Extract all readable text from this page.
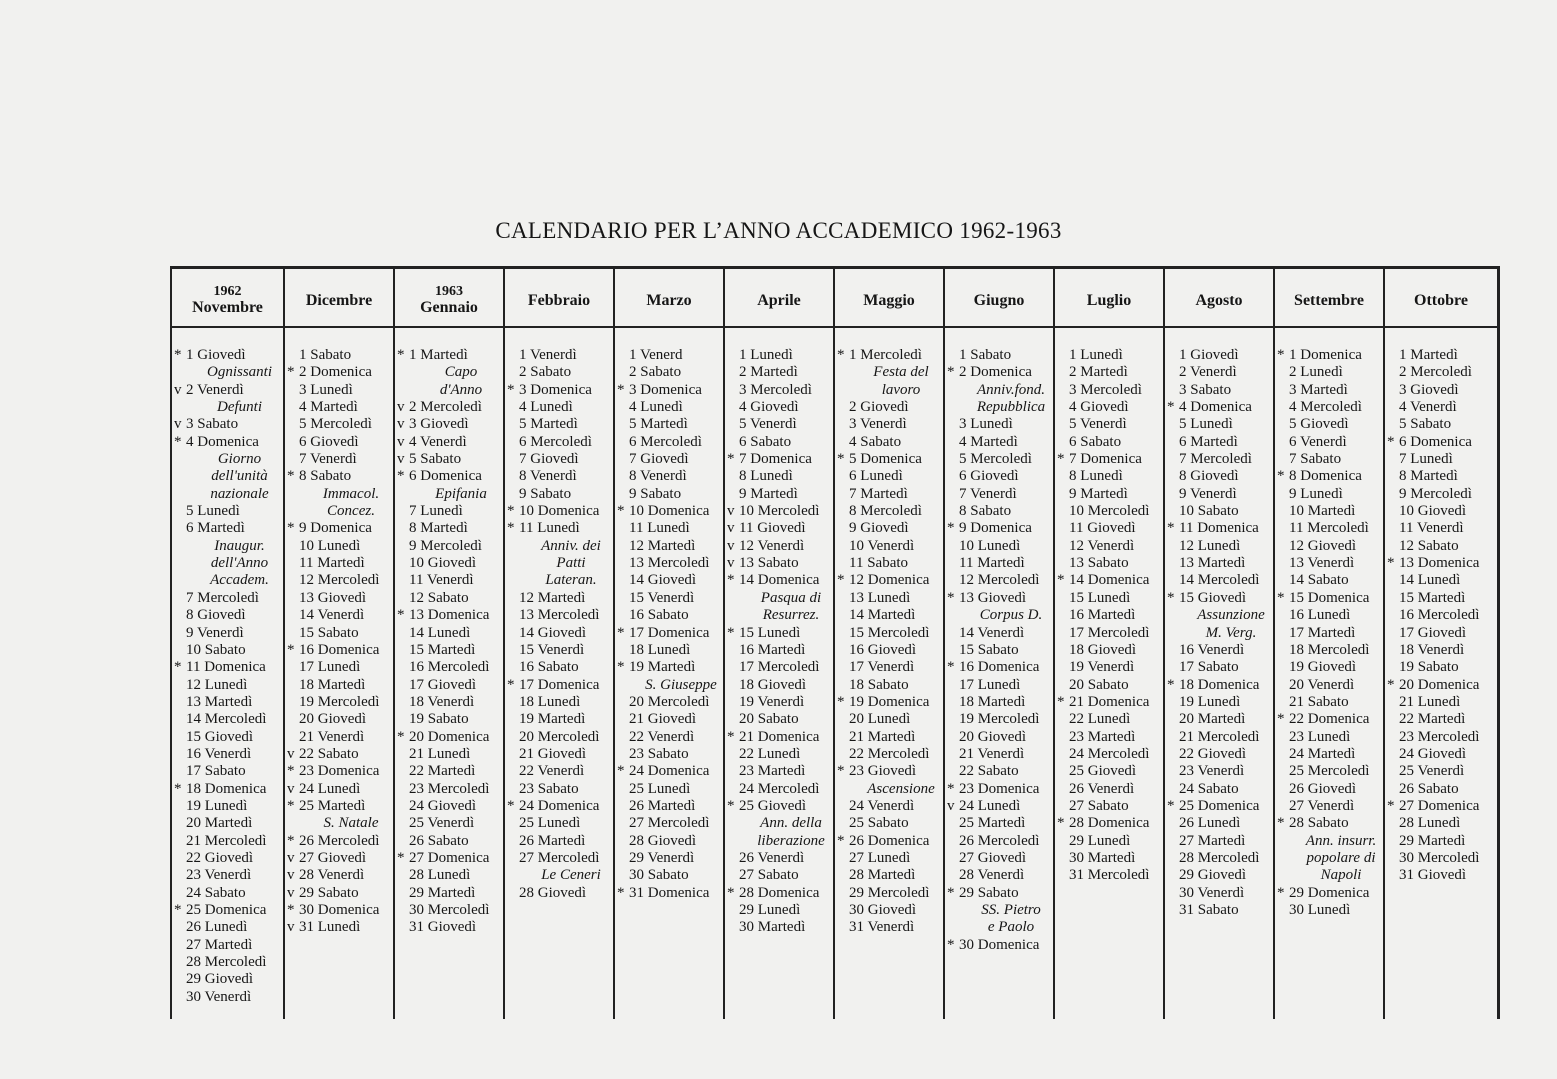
CALENDARIO PER L’ANNO ACCADEMICO 1962-1963
1962
Novembre
* 1 Giovedì
Ognissanti
v 2 Venerdì
Defunti
v 3 Sabato
* 4 Domenica
Giorno
dell'unità
nazionale
5 Lunedì
6 Martedì
Inaugur.
dell'Anno
Accadem.
7 Mercoledì
8 Giovedì
9 Venerdì
10 Sabato
* 11 Domenica
12 Lunedì
13 Martedì
14 Mercoledì
15 Giovedì
16 Venerdì
17 Sabato
* 18 Domenica
19 Lunedì
20 Martedì
21 Mercoledì
22 Giovedì
23 Venerdì
24 Sabato
* 25 Domenica
26 Lunedì
27 Martedì
28 Mercoledì
29 Giovedì
30 Venerdì
Dicembre
1 Sabato
* 2 Domenica
3 Lunedì
4 Martedì
5 Mercoledì
6 Giovedì
7 Venerdì
* 8 Sabato
Immacol.
Concez.
* 9 Domenica
10 Lunedì
11 Martedì
12 Mercoledì
13 Giovedì
14 Venerdì
15 Sabato
* 16 Domenica
17 Lunedì
18 Martedì
19 Mercoledì
20 Giovedì
21 Venerdì
v 22 Sabato
* 23 Domenica
v 24 Lunedì
* 25 Martedì
S. Natale
* 26 Mercoledì
v 27 Giovedì
v 28 Venerdì
v 29 Sabato
* 30 Domenica
v 31 Lunedì
1963
Gennaio
* 1 Martedì
Capo
d'Anno
v 2 Mercoledì
v 3 Giovedì
v 4 Venerdì
v 5 Sabato
* 6 Domenica
Epifania
7 Lunedì
8 Martedì
9 Mercoledì
10 Giovedì
11 Venerdì
12 Sabato
* 13 Domenica
14 Lunedì
15 Martedì
16 Mercoledì
17 Giovedì
18 Venerdì
19 Sabato
* 20 Domenica
21 Lunedì
22 Martedì
23 Mercoledì
24 Giovedì
25 Venerdì
26 Sabato
* 27 Domenica
28 Lunedì
29 Martedì
30 Mercoledì
31 Giovedì
Febbraio
1 Venerdì
2 Sabato
* 3 Domenica
4 Lunedì
5 Martedì
6 Mercoledì
7 Giovedì
8 Venerdì
9 Sabato
* 10 Domenica
* 11 Lunedì
Anniv. dei
Patti
Lateran.
12 Martedì
13 Mercoledì
14 Giovedì
15 Venerdì
16 Sabato
* 17 Domenica
18 Lunedì
19 Martedì
20 Mercoledì
21 Giovedì
22 Venerdì
23 Sabato
* 24 Domenica
25 Lunedì
26 Martedì
27 Mercoledì
Le Ceneri
28 Giovedì
Marzo
1 Venerd
2 Sabato
* 3 Domenica
4 Lunedì
5 Martedì
6 Mercoledì
7 Giovedì
8 Venerdì
9 Sabato
* 10 Domenica
11 Lunedì
12 Martedì
13 Mercoledì
14 Giovedì
15 Venerdì
16 Sabato
* 17 Domenica
18 Lunedì
* 19 Martedì
S. Giuseppe
20 Mercoledì
21 Giovedì
22 Venerdì
23 Sabato
* 24 Domenica
25 Lunedì
26 Martedì
27 Mercoledì
28 Giovedì
29 Venerdì
30 Sabato
* 31 Domenica
Aprile
1 Lunedì
2 Martedì
3 Mercoledì
4 Giovedì
5 Venerdì
6 Sabato
* 7 Domenica
8 Lunedì
9 Martedì
v 10 Mercoledì
v 11 Giovedì
v 12 Venerdì
v 13 Sabato
* 14 Domenica
Pasqua di
Resurrez.
* 15 Lunedì
16 Martedì
17 Mercoledì
18 Giovedì
19 Venerdì
20 Sabato
* 21 Domenica
22 Lunedì
23 Martedì
24 Mercoledì
* 25 Giovedì
Ann. della
liberazione
26 Venerdì
27 Sabato
* 28 Domenica
29 Lunedì
30 Martedì
Maggio
* 1 Mercoledì
Festa del
lavoro
2 Giovedì
3 Venerdì
4 Sabato
* 5 Domenica
6 Lunedì
7 Martedì
8 Mercoledì
9 Giovedì
10 Venerdì
11 Sabato
* 12 Domenica
13 Lunedì
14 Martedì
15 Mercoledì
16 Giovedì
17 Venerdì
18 Sabato
* 19 Domenica
20 Lunedì
21 Martedì
22 Mercoledì
* 23 Giovedì
Ascensione
24 Venerdì
25 Sabato
* 26 Domenica
27 Lunedì
28 Martedì
29 Mercoledì
30 Giovedì
31 Venerdì
Giugno
1 Sabato
* 2 Domenica
Anniv.fond.
Repubblica
3 Lunedì
4 Martedì
5 Mercoledì
6 Giovedì
7 Venerdì
8 Sabato
* 9 Domenica
10 Lunedì
11 Martedì
12 Mercoledì
* 13 Giovedì
Corpus D.
14 Venerdì
15 Sabato
* 16 Domenica
17 Lunedì
18 Martedì
19 Mercoledì
20 Giovedì
21 Venerdì
22 Sabato
* 23 Domenica
v 24 Lunedì
25 Martedì
26 Mercoledì
27 Giovedì
28 Venerdì
* 29 Sabato
SS. Pietro
e Paolo
* 30 Domenica
Luglio
1 Lunedì
2 Martedì
3 Mercoledì
4 Giovedì
5 Venerdì
6 Sabato
* 7 Domenica
8 Lunedì
9 Martedì
10 Mercoledì
11 Giovedì
12 Venerdì
13 Sabato
* 14 Domenica
15 Lunedì
16 Martedì
17 Mercoledì
18 Giovedì
19 Venerdì
20 Sabato
* 21 Domenica
22 Lunedì
23 Martedì
24 Mercoledì
25 Giovedì
26 Venerdì
27 Sabato
* 28 Domenica
29 Lunedì
30 Martedì
31 Mercoledì
Agosto
1 Giovedì
2 Venerdì
3 Sabato
* 4 Domenica
5 Lunedì
6 Martedì
7 Mercoledì
8 Giovedì
9 Venerdì
10 Sabato
* 11 Domenica
12 Lunedì
13 Martedì
14 Mercoledì
* 15 Giovedì
Assunzione
M. Verg.
16 Venerdì
17 Sabato
* 18 Domenica
19 Lunedì
20 Martedì
21 Mercoledì
22 Giovedì
23 Venerdì
24 Sabato
* 25 Domenica
26 Lunedì
27 Martedì
28 Mercoledì
29 Giovedì
30 Venerdì
31 Sabato
Settembre
* 1 Domenica
2 Lunedì
3 Martedì
4 Mercoledì
5 Giovedì
6 Venerdì
7 Sabato
* 8 Domenica
9 Lunedì
10 Martedì
11 Mercoledì
12 Giovedì
13 Venerdì
14 Sabato
* 15 Domenica
16 Lunedì
17 Martedì
18 Mercoledì
19 Giovedì
20 Venerdì
21 Sabato
* 22 Domenica
23 Lunedì
24 Martedì
25 Mercoledì
26 Giovedì
27 Venerdì
* 28 Sabato
Ann. insurr.
popolare di
Napoli
* 29 Domenica
30 Lunedì
Ottobre
1 Martedì
2 Mercoledì
3 Giovedì
4 Venerdì
5 Sabato
* 6 Domenica
7 Lunedì
8 Martedì
9 Mercoledì
10 Giovedì
11 Venerdì
12 Sabato
* 13 Domenica
14 Lunedì
15 Martedì
16 Mercoledì
17 Giovedì
18 Venerdì
19 Sabato
* 20 Domenica
21 Lunedì
22 Martedì
23 Mercoledì
24 Giovedì
25 Venerdì
26 Sabato
* 27 Domenica
28 Lunedì
29 Martedì
30 Mercoledì
31 Giovedì
